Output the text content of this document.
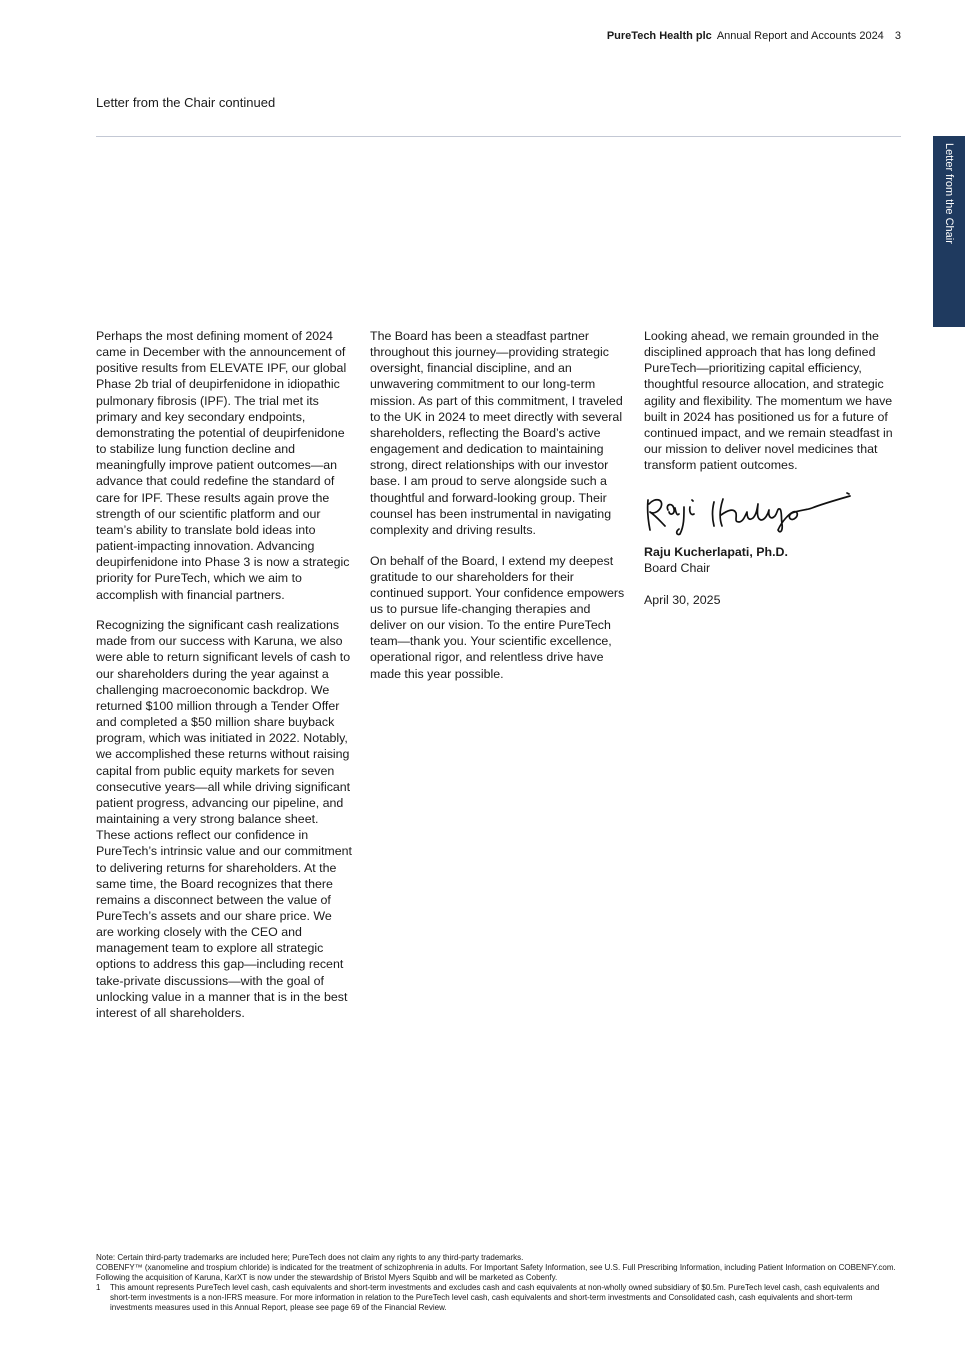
PureTech Health plc Annual Report and Accounts 2024 3
Letter from the Chair continued
Letter from the Chair

Perhaps the most defining moment of 2024 came in December with the announcement of positive results from ELEVATE IPF, our global Phase 2b trial of deupirfenidone in idiopathic pulmonary fibrosis (IPF). The trial met its primary and key secondary endpoints, demonstrating the potential of deupirfenidone to stabilize lung function decline and meaningfully improve patient outcomes—an advance that could redefine the standard of care for IPF. These results again prove the strength of our scientific platform and our team’s ability to translate bold ideas into patient-impacting innovation. Advancing deupirfenidone into Phase 3 is now a strategic priority for PureTech, which we aim to accomplish with financial partners.

Recognizing the significant cash realizations made from our success with Karuna, we also were able to return significant levels of cash to our shareholders during the year against a challenging macroeconomic backdrop. We returned $100 million through a Tender Offer and completed a $50 million share buyback program, which was initiated in 2022. Notably, we accomplished these returns without raising capital from public equity markets for seven consecutive years—all while driving significant patient progress, advancing our pipeline, and maintaining a very strong balance sheet. These actions reflect our confidence in PureTech’s intrinsic value and our commitment to delivering returns for shareholders. At the same time, the Board recognizes that there remains a disconnect between the value of PureTech’s assets and our share price. We are working closely with the CEO and management team to explore all strategic options to address this gap—including recent take-private discussions—with the goal of unlocking value in a manner that is in the best interest of all shareholders.

The Board has been a steadfast partner throughout this journey—providing strategic oversight, financial discipline, and an unwavering commitment to our long-term mission. As part of this commitment, I traveled to the UK in 2024 to meet directly with several shareholders, reflecting the Board’s active engagement and dedication to maintaining strong, direct relationships with our investor base. I am proud to serve alongside such a thoughtful and forward-looking group. Their counsel has been instrumental in navigating complexity and driving results.

On behalf of the Board, I extend my deepest gratitude to our shareholders for their continued support. Your confidence empowers us to pursue life-changing therapies and deliver on our vision. To the entire PureTech team—thank you. Your scientific excellence, operational rigor, and relentless drive have made this year possible.

Looking ahead, we remain grounded in the disciplined approach that has long defined PureTech—prioritizing capital efficiency, thoughtful resource allocation, and strategic agility and flexibility. The momentum we have built in 2024 has positioned us for a future of continued impact, and we remain steadfast in our mission to deliver novel medicines that transform patient outcomes.

Raju Kucherlapati, Ph.D.
Board Chair
April 30, 2025
Note: Certain third-party trademarks are included here; PureTech does not claim any rights to any third-party trademarks.
COBENFY™ (xanomeline and trospium chloride) is indicated for the treatment of schizophrenia in adults. For Important Safety Information, see U.S. Full Prescribing Information, including Patient Information on COBENFY.com. Following the acquisition of Karuna, KarXT is now under the stewardship of Bristol Myers Squibb and will be marketed as Cobenfy.
1	This amount represents PureTech level cash, cash equivalents and short-term investments and excludes cash and cash equivalents at non-wholly owned subsidiary of $0.5m. PureTech level cash, cash equivalents and short-term investments is a non-IFRS measure. For more information in relation to the PureTech level cash, cash equivalents and short-term investments and Consolidated cash, cash equivalents and short-term investments measures used in this Annual Report, please see page 69 of the Financial Review.
